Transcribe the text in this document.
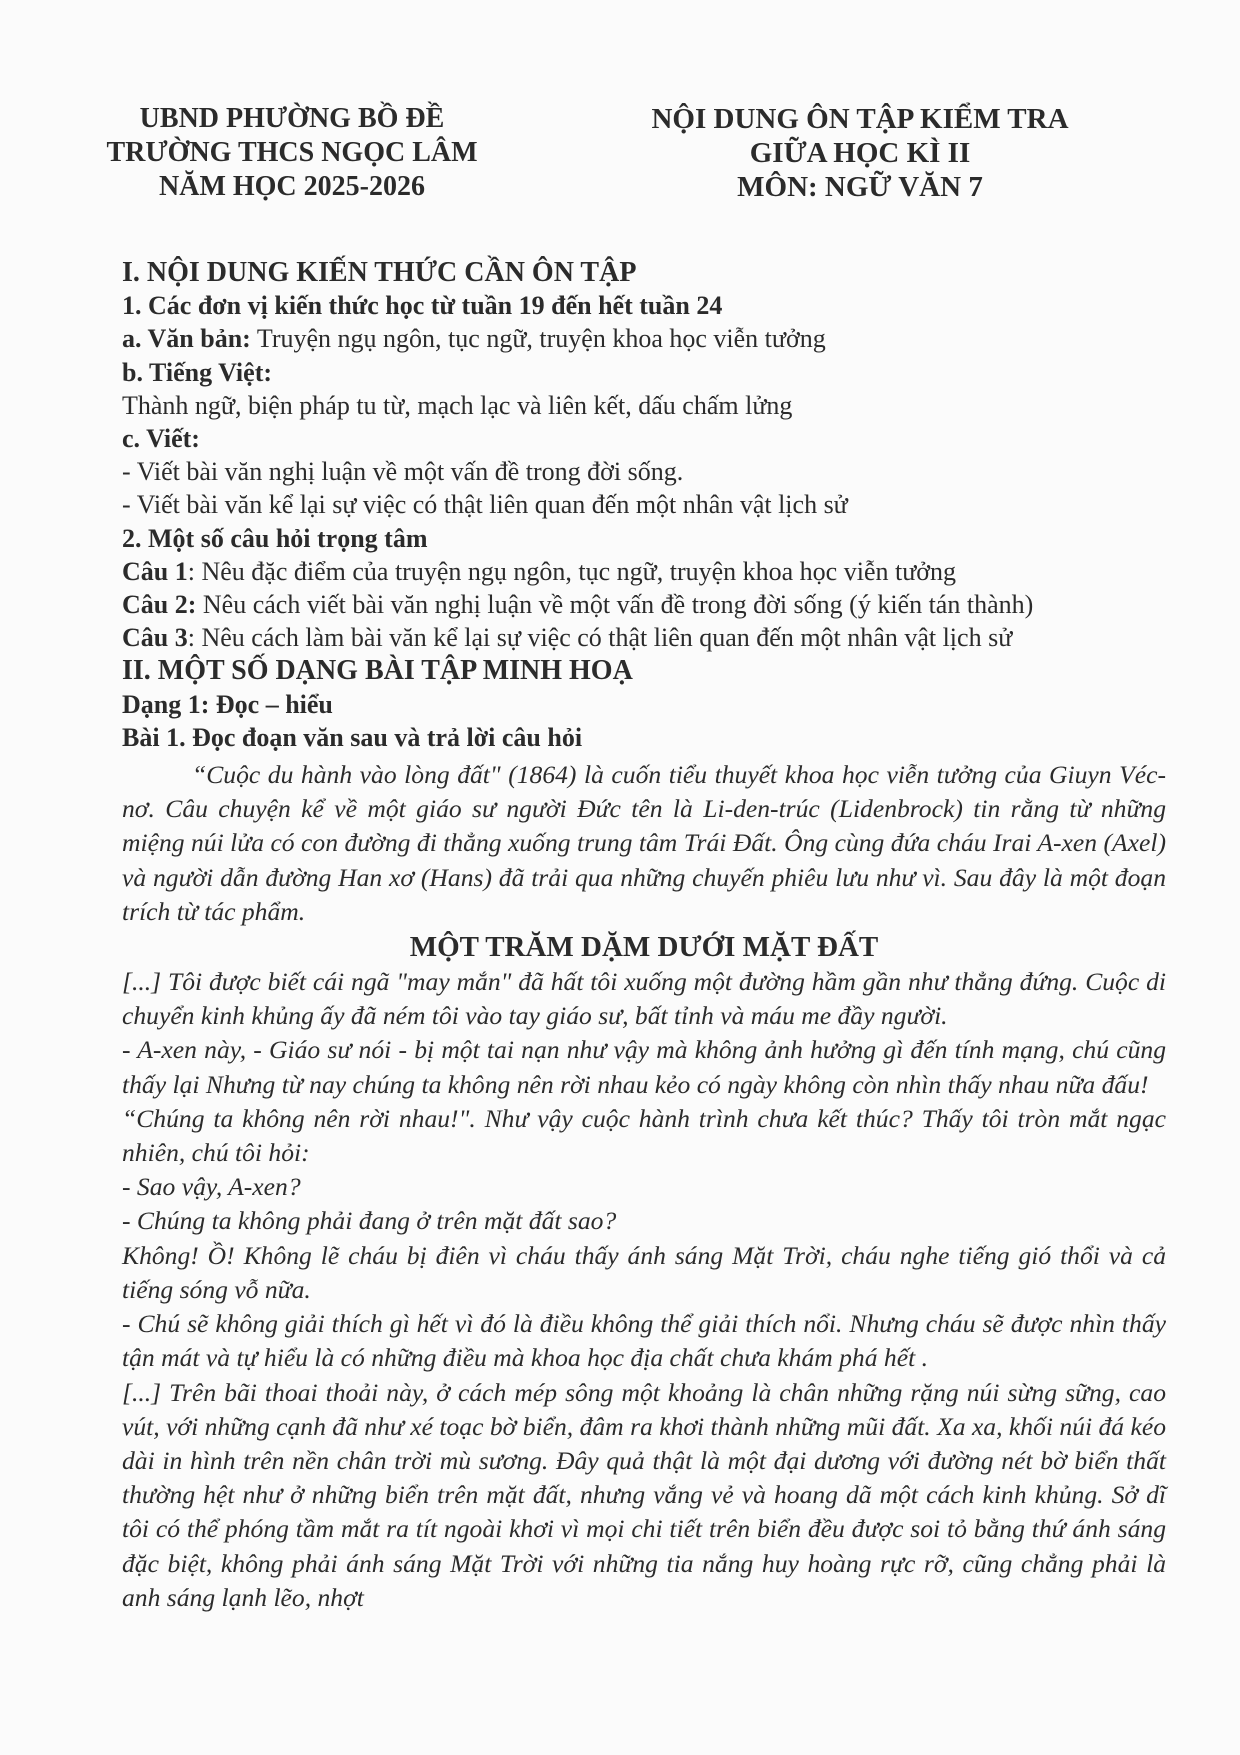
UBND PHƯỜNG BỒ ĐỀ
TRƯỜNG THCS NGỌC LÂM
NĂM HỌC 2025-2026
NỘI DUNG ÔN TẬP KIỂM TRA
GIỮA HỌC KÌ II
MÔN: NGỮ VĂN 7

I. NỘI DUNG KIẾN THỨC CẦN ÔN TẬP

1. Các đơn vị kiến thức học từ tuần 19 đến hết tuần 24

a. Văn bản: Truyện ngụ ngôn, tục ngữ, truyện khoa học viễn tưởng

b. Tiếng Việt:

Thành ngữ, biện pháp tu từ, mạch lạc và liên kết, dấu chấm lửng

c. Viết:

- Viết bài văn nghị luận về một vấn đề trong đời sống.

- Viết bài văn kể lại sự việc có thật liên quan đến một nhân vật lịch sử

2. Một số câu hỏi trọng tâm

Câu 1: Nêu đặc điểm của truyện ngụ ngôn, tục ngữ, truyện khoa học viễn tưởng

Câu 2: Nêu cách viết bài văn nghị luận về một vấn đề trong đời sống (ý kiến tán thành)

Câu 3: Nêu cách làm bài văn kể lại sự việc có thật liên quan đến một nhân vật lịch sử

II. MỘT SỐ DẠNG BÀI TẬP MINH HOẠ

Dạng 1: Đọc – hiểu

Bài 1. Đọc đoạn văn sau và trả lời câu hỏi

“Cuộc du hành vào lòng đất" (1864) là cuốn tiểu thuyết khoa học viễn tưởng của Giuyn Véc-nơ. Câu chuyện kể về một giáo sư người Đức tên là Li-den-trúc (Lidenbrock) tin rằng từ những miệng núi lửa có con đường đi thẳng xuống trung tâm Trái Đất. Ông cùng đứa cháu Irai A-xen (Axel) và người dẫn đường Han xơ (Hans) đã trải qua những chuyến phiêu lưu như vì. Sau đây là một đoạn trích từ tác phẩm.

MỘT TRĂM DẶM DƯỚI MẶT ĐẤT

[...] Tôi được biết cái ngã "may mắn" đã hất tôi xuống một đường hầm gần như thẳng đứng. Cuộc di chuyển kinh khủng ấy đã ném tôi vào tay giáo sư, bất tỉnh và máu me đầy người.

- A-xen này, - Giáo sư nói - bị một tai nạn như vậy mà không ảnh hưởng gì đến tính mạng, chú cũng thấy lại Nhưng từ nay chúng ta không nên rời nhau kẻo có ngày không còn nhìn thấy nhau nữa đấu!

“Chúng ta không nên rời nhau!". Như vậy cuộc hành trình chưa kết thúc? Thấy tôi tròn mắt ngạc nhiên, chú tôi hỏi:

- Sao vậy, A-xen?

- Chúng ta không phải đang ở trên mặt đất sao?

Không! Ồ! Không lẽ cháu bị điên vì cháu thấy ánh sáng Mặt Trời, cháu nghe tiếng gió thổi và cả tiếng sóng vỗ nữa.

- Chú sẽ không giải thích gì hết vì đó là điều không thể giải thích nổi. Nhưng cháu sẽ được nhìn thấy tận mát và tự hiểu là có những điều mà khoa học địa chất chưa khám phá hết .

[...] Trên bãi thoai thoải này, ở cách mép sông một khoảng là chân những rặng núi sừng sững, cao vút, với những cạnh đã như xé toạc bờ biển, đâm ra khơi thành những mũi đất. Xa xa, khối núi đá kéo dài in hình trên nền chân trời mù sương. Đây quả thật là một đại dương với đường nét bờ biển thất thường hệt như ở những biển trên mặt đất, nhưng vắng vẻ và hoang dã một cách kinh khủng. Sở dĩ tôi có thể phóng tầm mắt ra tít ngoài khơi vì mọi chi tiết trên biển đều được soi tỏ bằng thứ ánh sáng đặc biệt, không phải ánh sáng Mặt Trời với những tia nắng huy hoàng rực rỡ, cũng chẳng phải là anh sáng lạnh lẽo, nhợt
